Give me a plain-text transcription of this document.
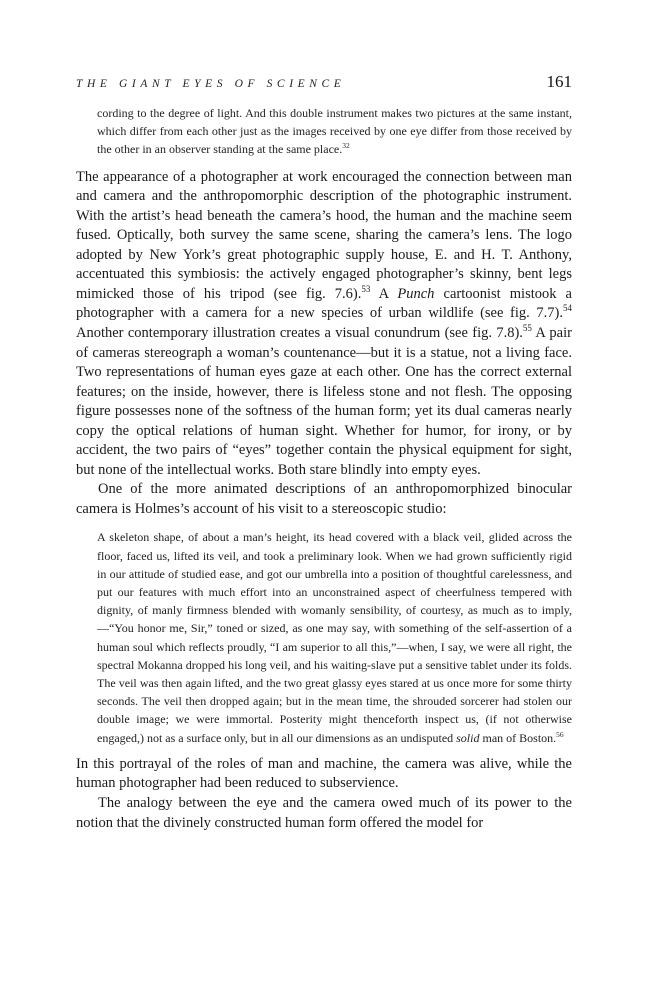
THE GIANT EYES OF SCIENCE	161

cording to the degree of light. And this double instrument makes two pictures at the same instant, which differ from each other just as the images received by one eye differ from those received by the other in an observer standing at the same place.$^{32}$

The appearance of a photographer at work encouraged the connection between man and camera and the anthropomorphic description of the photographic instrument. With the artist’s head beneath the camera’s hood, the human and the machine seem fused. Optically, both survey the same scene, sharing the camera’s lens. The logo adopted by New York’s great photographic supply house, E. and H. T. Anthony, accentuated this symbiosis: the actively engaged photographer’s skinny, bent legs mimicked those of his tripod (see fig. 7.6).$^{53}$ A Punch cartoonist mistook a photographer with a camera for a new species of urban wildlife (see fig. 7.7).$^{54}$ Another contemporary illustration creates a visual conundrum (see fig. 7.8).$^{55}$ A pair of cameras stereograph a woman’s countenance—but it is a statue, not a living face. Two representations of human eyes gaze at each other. One has the correct external features; on the inside, however, there is lifeless stone and not flesh. The opposing figure possesses none of the softness of the human form; yet its dual cameras nearly copy the optical relations of human sight. Whether for humor, for irony, or by accident, the two pairs of “eyes” together contain the physical equipment for sight, but none of the intellectual works. Both stare blindly into empty eyes.

One of the more animated descriptions of an anthropomorphized binocular camera is Holmes’s account of his visit to a stereoscopic studio:

A skeleton shape, of about a man’s height, its head covered with a black veil, glided across the floor, faced us, lifted its veil, and took a preliminary look. When we had grown sufficiently rigid in our attitude of studied ease, and got our umbrella into a position of thoughtful carelessness, and put our features with much effort into an unconstrained aspect of cheerfulness tempered with dignity, of manly firmness blended with womanly sensibility, of courtesy, as much as to imply,—“You honor me, Sir,” toned or sized, as one may say, with something of the self-assertion of a human soul which reflects proudly, “I am superior to all this,”—when, I say, we were all right, the spectral Mokanna dropped his long veil, and his waiting-slave put a sensitive tablet under its folds. The veil was then again lifted, and the two great glassy eyes stared at us once more for some thirty seconds. The veil then dropped again; but in the mean time, the shrouded sorcerer had stolen our double image; we were immortal. Posterity might thenceforth inspect us, (if not otherwise engaged,) not as a surface only, but in all our dimensions as an undisputed solid man of Boston.$^{56}$

In this portrayal of the roles of man and machine, the camera was alive, while the human photographer had been reduced to subservience.

The analogy between the eye and the camera owed much of its power to the notion that the divinely constructed human form offered the model for
